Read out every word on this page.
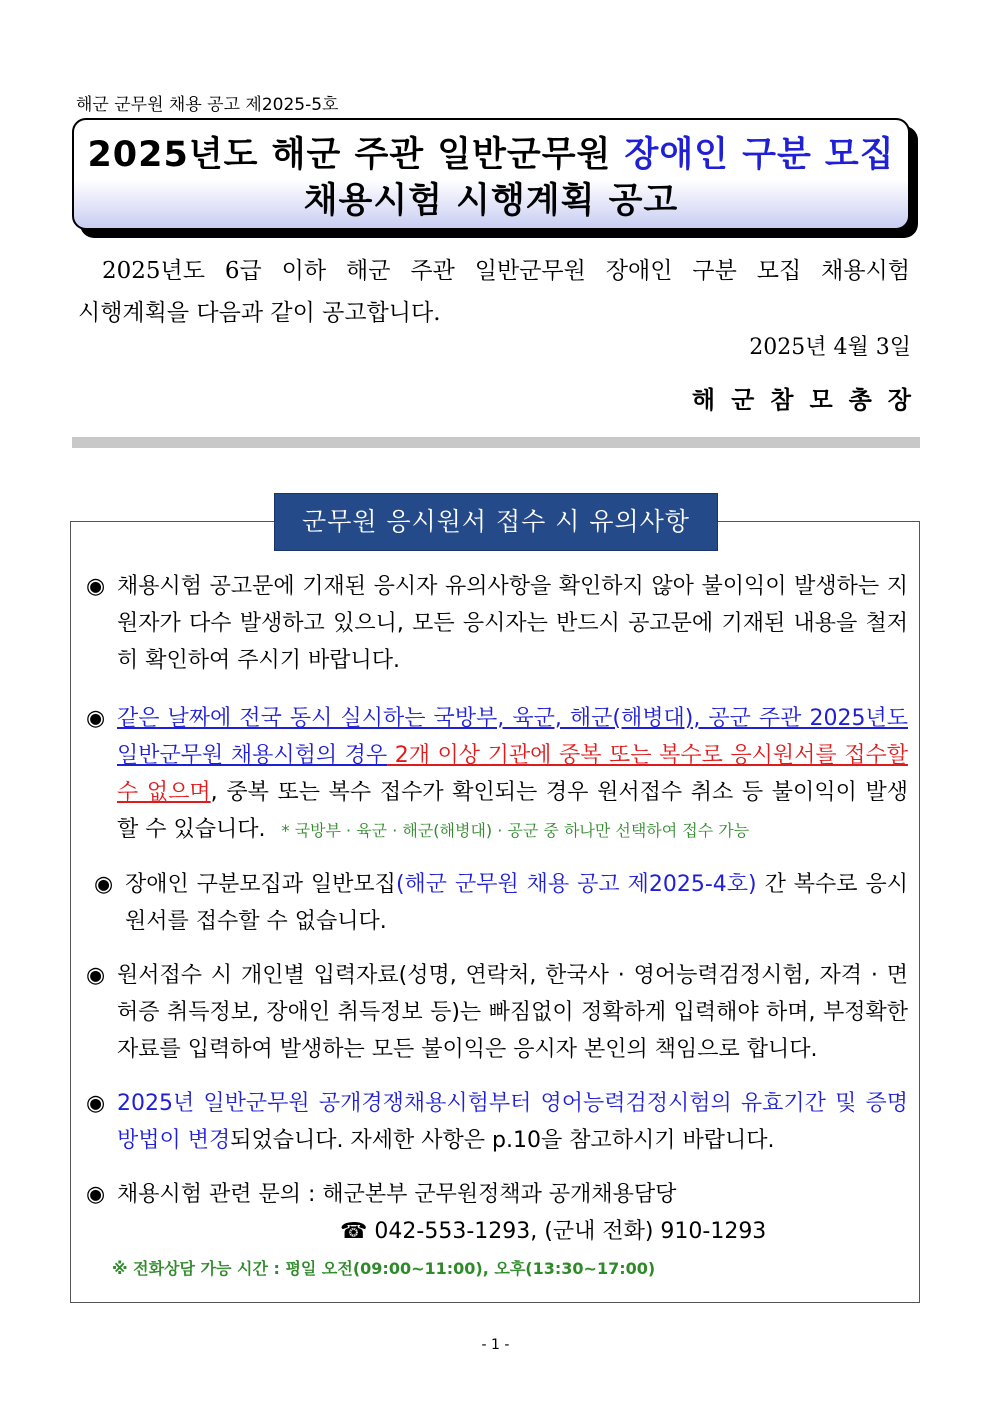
해군 군무원 채용 공고 제2025-5호
2025년도 해군 주관 일반군무원 장애인 구분 모집
채용시험 시행계획 공고
2025년도 6급 이하 해군 주관 일반군무원 장애인 구분 모집 채용시험
시행계획을 다음과 같이 공고합니다.
2025년 4월 3일
해군참모총장
군무원 응시원서 접수 시 유의사항
◉ 채용시험 공고문에 기재된 응시자 유의사항을 확인하지 않아 불이익이 발생하는 지원자가 다수 발생하고 있으니, 모든 응시자는 반드시 공고문에 기재된 내용을 철저히 확인하여 주시기 바랍니다.
◉ 같은 날짜에 전국 동시 실시하는 국방부, 육군, 해군(해병대), 공군 주관 2025년도 일반군무원 채용시험의 경우 2개 이상 기관에 중복 또는 복수로 응시원서를 접수할 수 없으며, 중복 또는 복수 접수가 확인되는 경우 원서접수 취소 등 불이익이 발생할 수 있습니다. * 국방부 · 육군 · 해군(해병대) · 공군 중 하나만 선택하여 접수 가능
◉ 장애인 구분모집과 일반모집(해군 군무원 채용 공고 제2025-4호) 간 복수로 응시원서를 접수할 수 없습니다.
◉ 원서접수 시 개인별 입력자료(성명, 연락처, 한국사 · 영어능력검정시험, 자격 · 면허증 취득정보, 장애인 취득정보 등)는 빠짐없이 정확하게 입력해야 하며, 부정확한 자료를 입력하여 발생하는 모든 불이익은 응시자 본인의 책임으로 합니다.
◉ 2025년 일반군무원 공개경쟁채용시험부터 영어능력검정시험의 유효기간 및 증명방법이 변경되었습니다. 자세한 사항은 p.10을 참고하시기 바랍니다.
◉ 채용시험 관련 문의 : 해군본부 군무원정책과 공개채용담당
☎ 042-553-1293, (군내 전화) 910-1293
※ 전화상담 가능 시간 : 평일 오전(09:00~11:00), 오후(13:30~17:00)
- 1 -
